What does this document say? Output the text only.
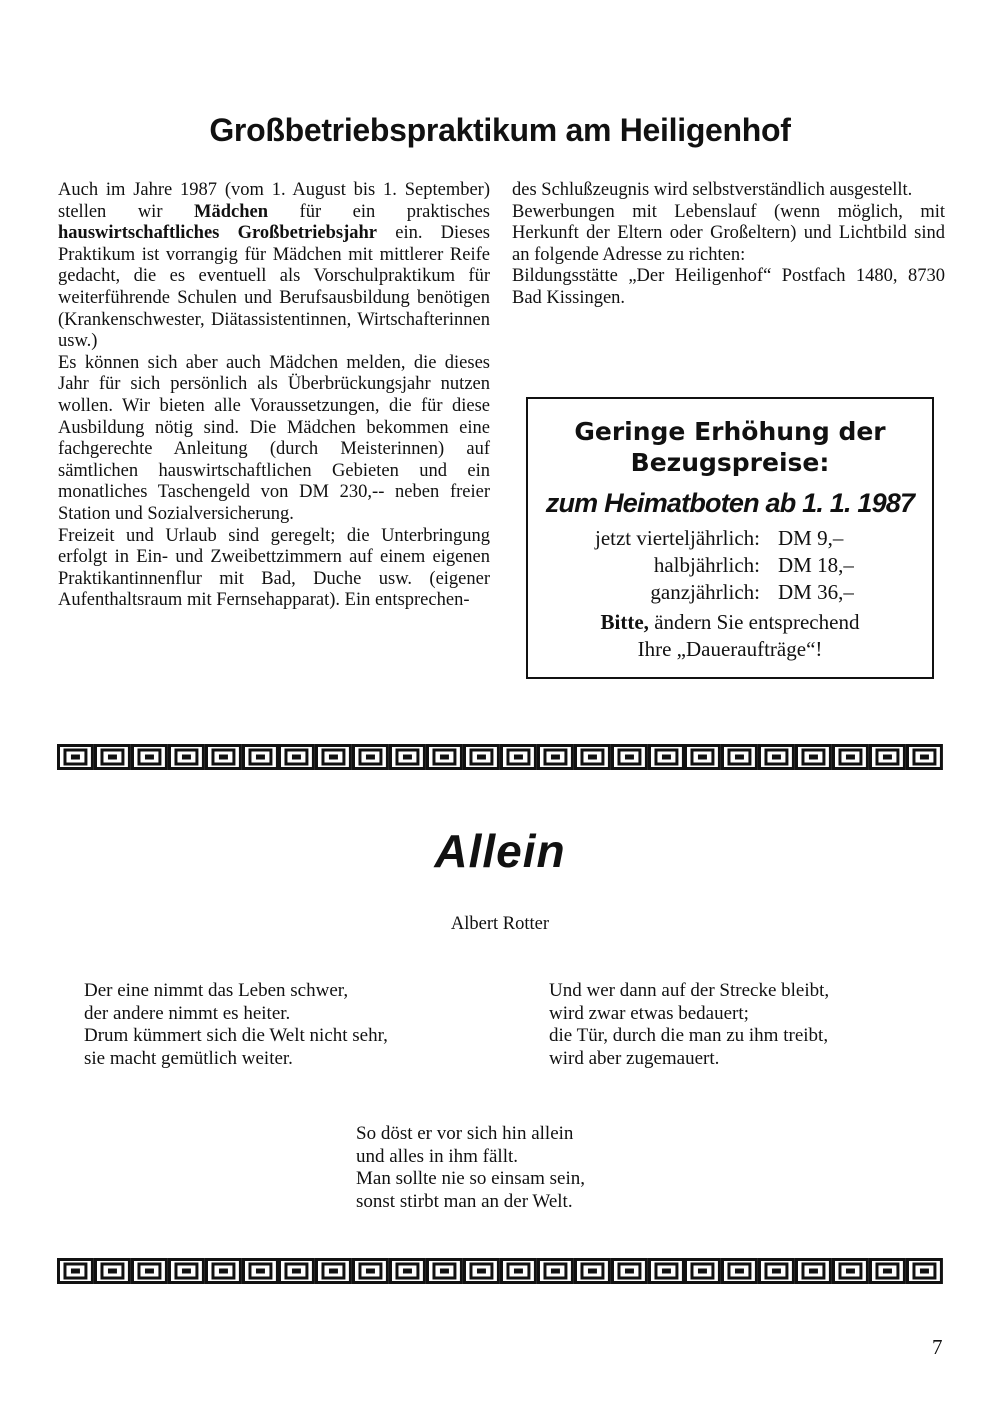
Großbetriebspraktikum am Heiligenhof

Auch im Jahre 1987 (vom 1. August bis 1. September) stellen wir Mädchen für ein praktisches hauswirtschaftliches Großbetriebsjahr ein. Dieses Praktikum ist vorrangig für Mädchen mit mittlerer Reife gedacht, die es eventuell als Vorschulpraktikum für weiterführende Schulen und Berufsausbildung benötigen (Krankenschwester, Diätassistentinnen, Wirtschafterinnen usw.)

Es können sich aber auch Mädchen melden, die dieses Jahr für sich persönlich als Überbrückungsjahr nutzen wollen. Wir bieten alle Voraussetzungen, die für diese Ausbildung nötig sind. Die Mädchen bekommen eine fachgerechte Anleitung (durch Meisterinnen) auf sämtlichen hauswirtschaftlichen Gebieten und ein monatliches Taschengeld von DM 230,-- neben freier Station und Sozialversicherung.

Freizeit und Urlaub sind geregelt; die Unterbringung erfolgt in Ein- und Zweibettzimmern auf einem eigenen Praktikantinnenflur mit Bad, Duche usw. (eigener Aufenthaltsraum mit Fernsehapparat). Ein entsprechen-

des Schlußzeugnis wird selbstverständlich ausgestellt.

Bewerbungen mit Lebenslauf (wenn möglich, mit Herkunft der Eltern oder Großeltern) und Lichtbild sind an folgende Adresse zu richten:

Bildungsstätte „Der Heiligenhof“ Postfach 1480, 8730 Bad Kissingen.

Geringe Erhöhung der
Bezugspreise:
zum Heimatboten ab 1. 1. 1987
jetzt vierteljährlich: DM 9,–
halbjährlich: DM 18,–
ganzjährlich: DM 36,–
Bitte, ändern Sie entsprechend
Ihre „Daueraufträge“!
Allein
Albert Rotter
Der eine nimmt das Leben schwer,
der andere nimmt es heiter.
Drum kümmert sich die Welt nicht sehr,
sie macht gemütlich weiter.
Und wer dann auf der Strecke bleibt,
wird zwar etwas bedauert;
die Tür, durch die man zu ihm treibt,
wird aber zugemauert.
So döst er vor sich hin allein
und alles in ihm fällt.
Man sollte nie so einsam sein,
sonst stirbt man an der Welt.
7
